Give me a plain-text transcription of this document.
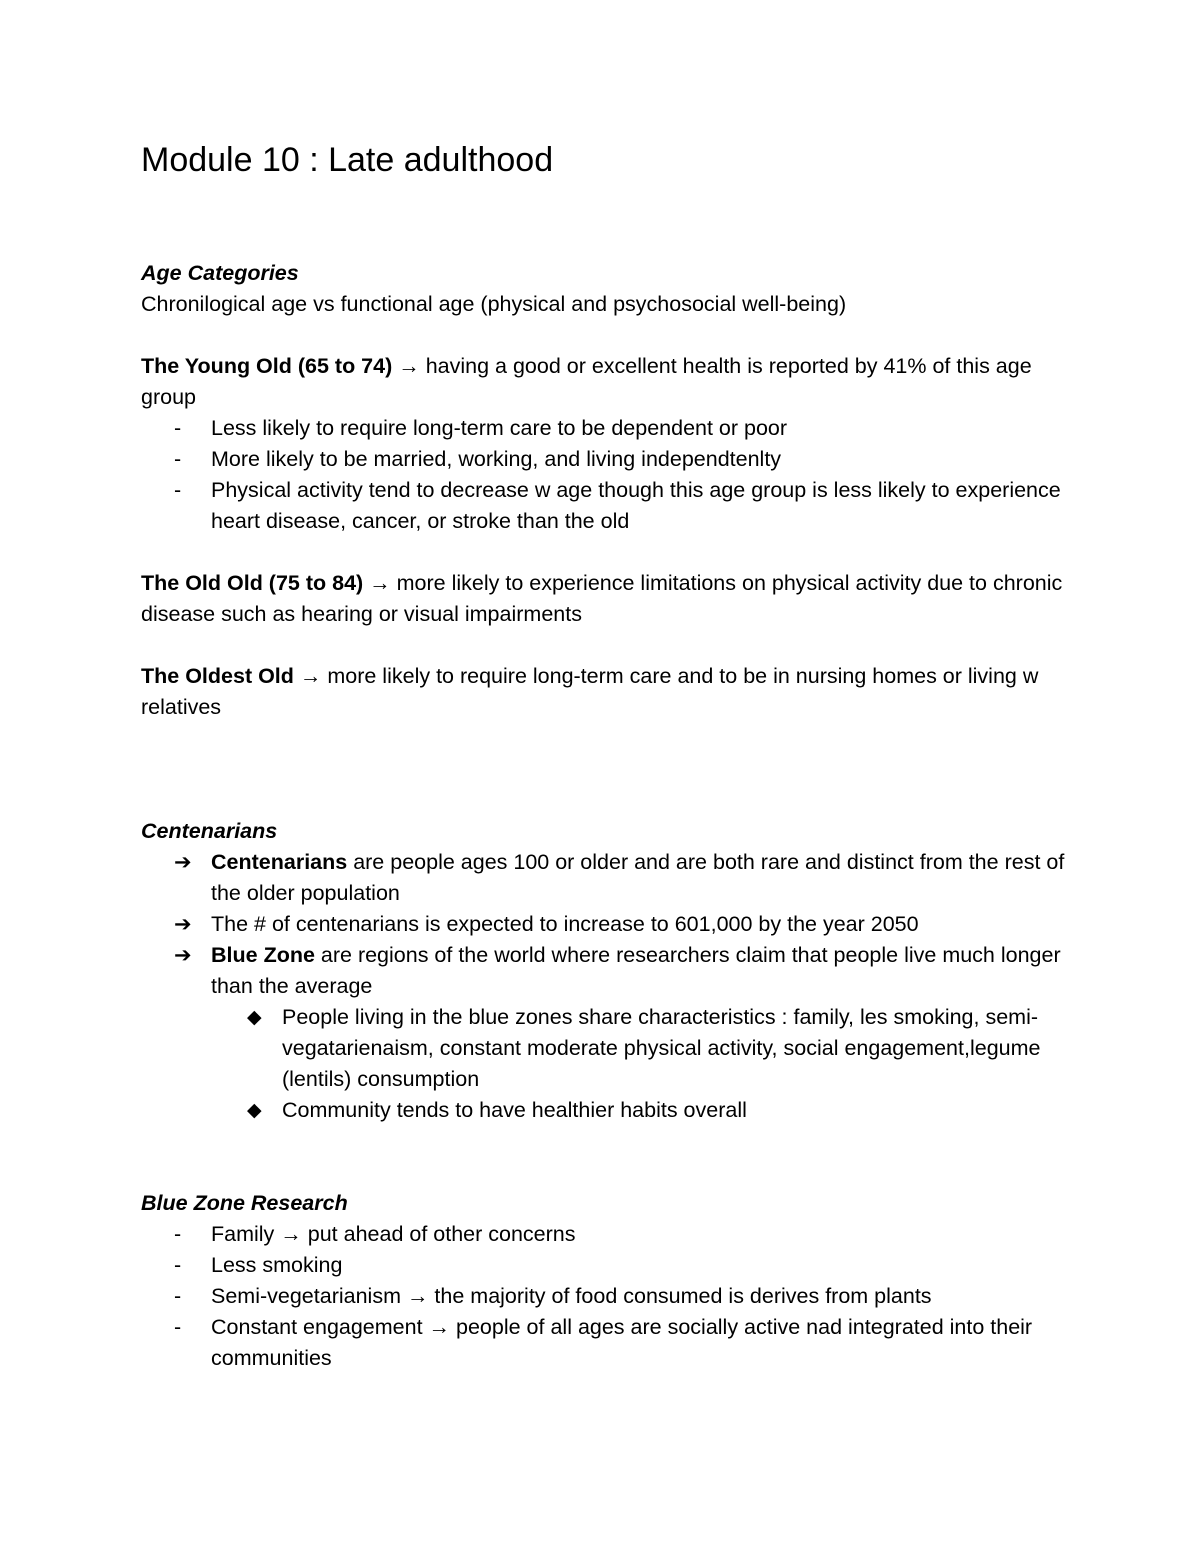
Module 10 : Late adulthood

Age Categories

Chronilogical age vs functional age (physical and psychosocial well-being)

The Young Old (65 to 74) → having a good or excellent health is reported by 41% of this age group

- Less likely to require long-term care to be dependent or poor
- More likely to be married, working, and living independtenlty
- Physical activity tend to decrease w age though this age group is less likely to experience heart disease, cancer, or stroke than the old

The Old Old (75 to 84) → more likely to experience limitations on physical activity due to chronic disease such as hearing or visual impairments

The Oldest Old → more likely to require long-term care and to be in nursing homes or living w relatives

Centenarians

➔ Centenarians are people ages 100 or older and are both rare and distinct from the rest of the older population
➔ The # of centenarians is expected to increase to 601,000 by the year 2050
➔ Blue Zone are regions of the world where researchers claim that people live much longer than the average
◆ People living in the blue zones share characteristics : family, les smoking, semi-vegatarienaism, constant moderate physical activity, social engagement,legume (lentils) consumption
◆ Community tends to have healthier habits overall

Blue Zone Research

- Family → put ahead of other concerns
- Less smoking
- Semi-vegetarianism → the majority of food consumed is derives from plants
- Constant engagement → people of all ages are socially active nad integrated into their communities
